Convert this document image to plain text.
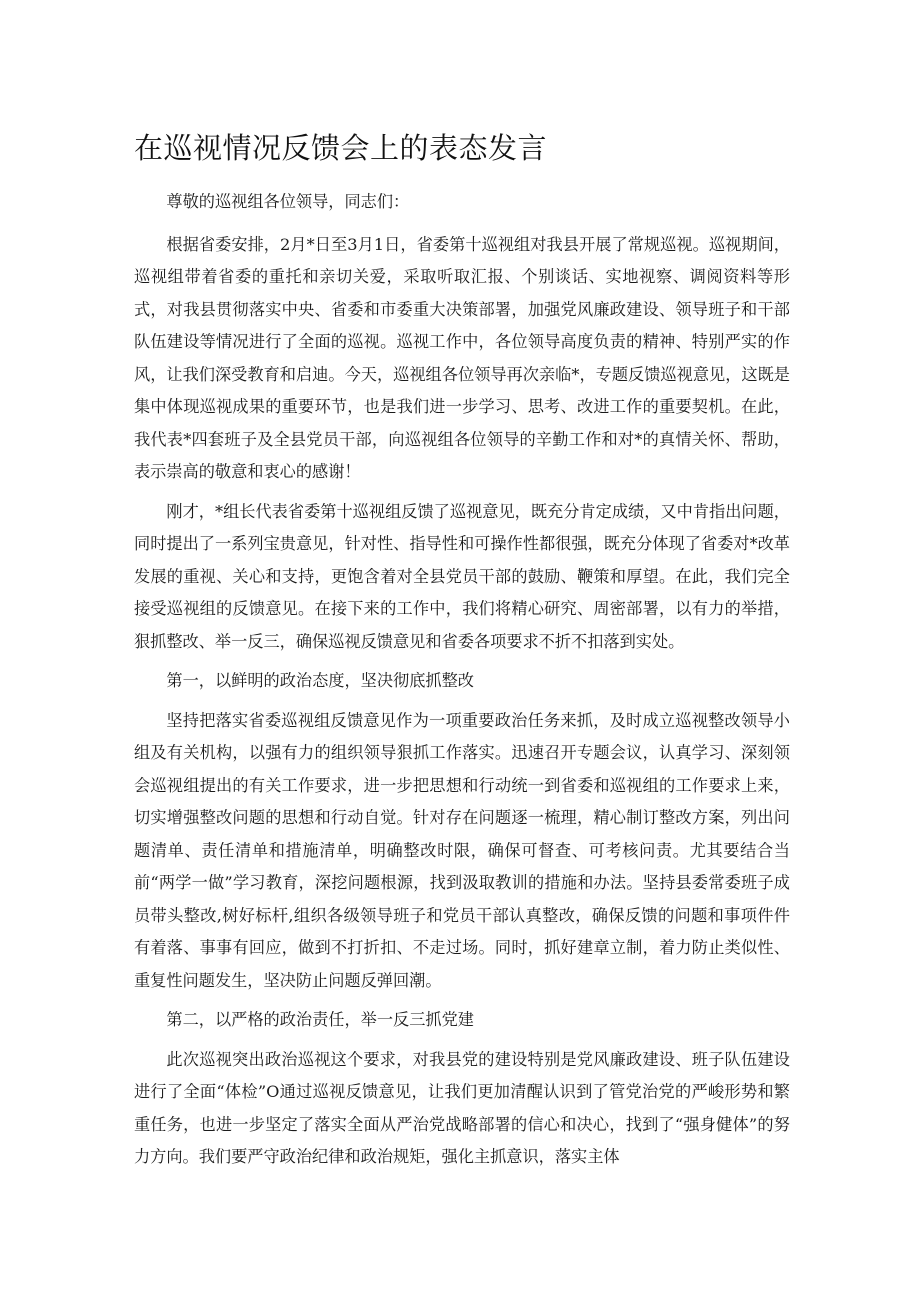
在巡视情况反馈会上的表态发言

尊敬的巡视组各位领导，同志们：

根据省委安排，2月*日至3月1日，省委第十巡视组对我县开展了常规巡视。巡视期间，巡视组带着省委的重托和亲切关爱，采取听取汇报、个别谈话、实地视察、调阅资料等形式，对我县贯彻落实中央、省委和市委重大决策部署，加强党风廉政建设、领导班子和干部队伍建设等情况进行了全面的巡视。巡视工作中，各位领导高度负责的精神、特别严实的作风，让我们深受教育和启迪。今天，巡视组各位领导再次亲临*，专题反馈巡视意见，这既是集中体现巡视成果的重要环节，也是我们进一步学习、思考、改进工作的重要契机。在此，我代表*四套班子及全县党员干部，向巡视组各位领导的辛勤工作和对*的真情关怀、帮助，表示崇高的敬意和衷心的感谢！

刚才，*组长代表省委第十巡视组反馈了巡视意见，既充分肯定成绩，又中肯指出问题，同时提出了一系列宝贵意见，针对性、指导性和可操作性都很强，既充分体现了省委对*改革发展的重视、关心和支持，更饱含着对全县党员干部的鼓励、鞭策和厚望。在此，我们完全接受巡视组的反馈意见。在接下来的工作中，我们将精心研究、周密部署，以有力的举措，狠抓整改、举一反三，确保巡视反馈意见和省委各项要求不折不扣落到实处。

第一，以鲜明的政治态度，坚决彻底抓整改

坚持把落实省委巡视组反馈意见作为一项重要政治任务来抓，及时成立巡视整改领导小组及有关机构，以强有力的组织领导狠抓工作落实。迅速召开专题会议，认真学习、深刻领会巡视组提出的有关工作要求，进一步把思想和行动统一到省委和巡视组的工作要求上来，切实增强整改问题的思想和行动自觉。针对存在问题逐一梳理，精心制订整改方案，列出问题清单、责任清单和措施清单，明确整改时限，确保可督查、可考核问责。尤其要结合当前“两学一做”学习教育，深挖问题根源，找到汲取教训的措施和办法。坚持县委常委班子成员带头整改,树好标杆,组织各级领导班子和党员干部认真整改，确保反馈的问题和事项件件有着落、事事有回应，做到不打折扣、不走过场。同时，抓好建章立制，着力防止类似性、重复性问题发生，坚决防止问题反弹回潮。

第二，以严格的政治责任，举一反三抓党建

此次巡视突出政治巡视这个要求，对我县党的建设特别是党风廉政建设、班子队伍建设进行了全面“体检”O通过巡视反馈意见，让我们更加清醒认识到了管党治党的严峻形势和繁重任务，也进一步坚定了落实全面从严治党战略部署的信心和决心，找到了“强身健体”的努力方向。我们要严守政治纪律和政治规矩，强化主抓意识，落实主体
